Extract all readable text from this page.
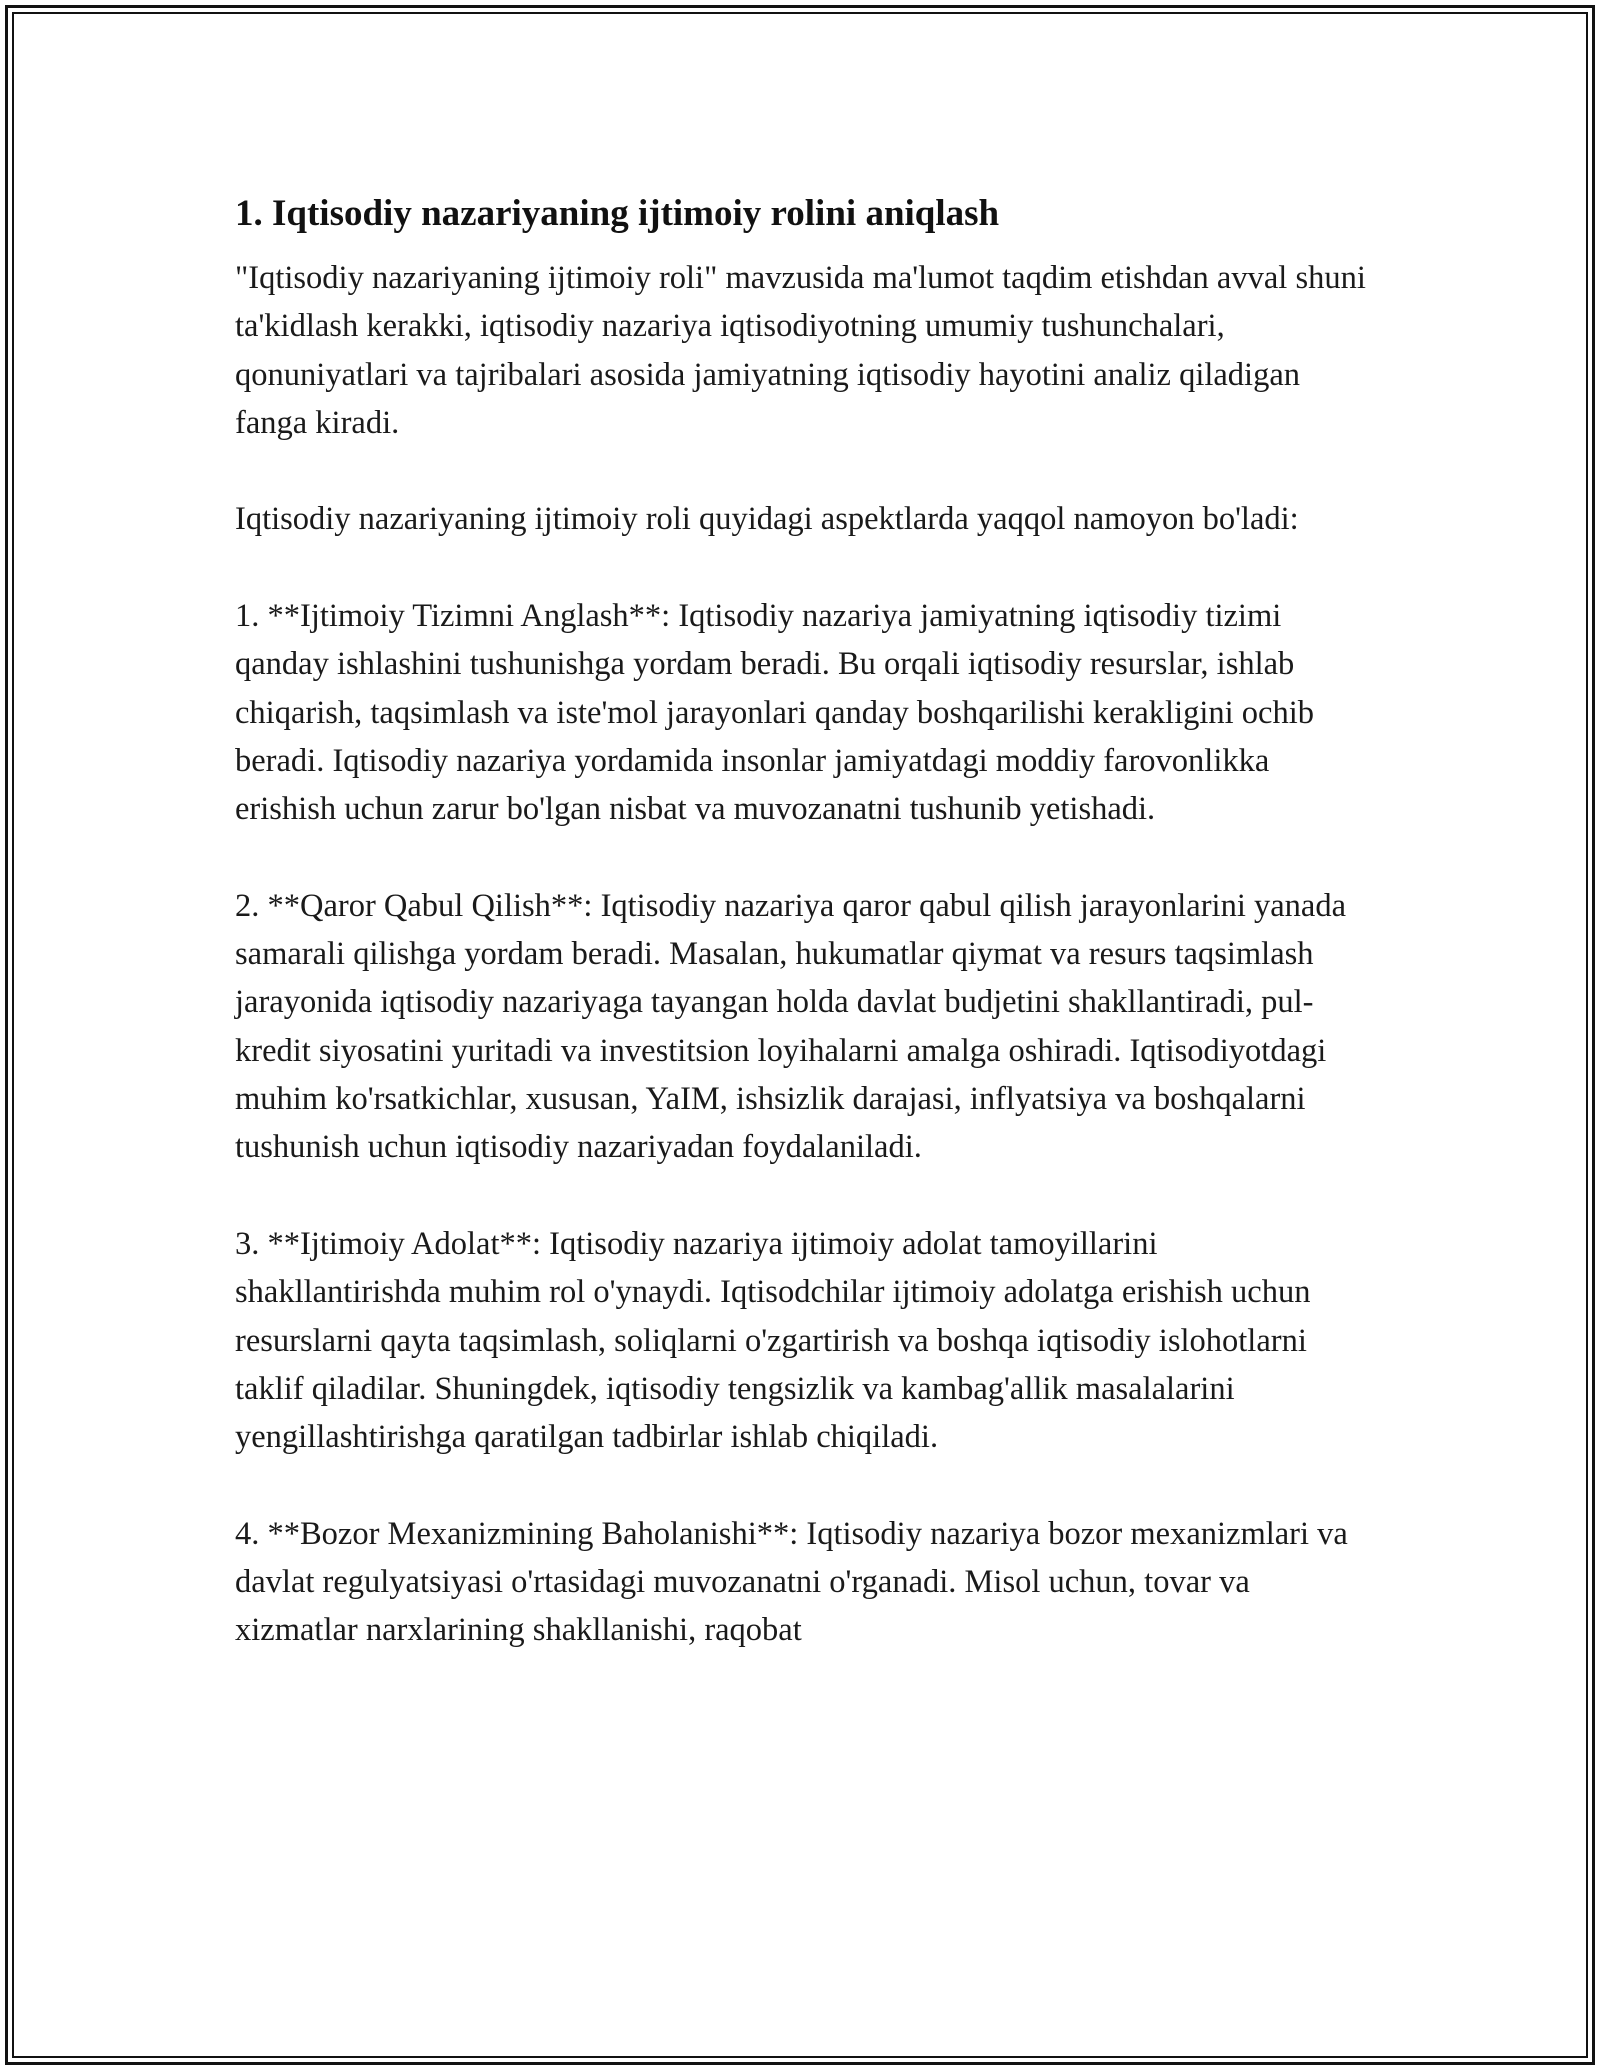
1. Iqtisodiy nazariyaning ijtimoiy rolini aniqlash

"Iqtisodiy nazariyaning ijtimoiy roli" mavzusida ma'lumot taqdim etishdan avval shuni ta'kidlash kerakki, iqtisodiy nazariya iqtisodiyotning umumiy tushunchalari, qonuniyatlari va tajribalari asosida jamiyatning iqtisodiy hayotini analiz qiladigan fanga kiradi.

Iqtisodiy nazariyaning ijtimoiy roli quyidagi aspektlarda yaqqol namoyon bo'ladi:

1. **Ijtimoiy Tizimni Anglash**: Iqtisodiy nazariya jamiyatning iqtisodiy tizimi qanday ishlashini tushunishga yordam beradi. Bu orqali iqtisodiy resurslar, ishlab chiqarish, taqsimlash va iste'mol jarayonlari qanday boshqarilishi kerakligini ochib beradi. Iqtisodiy nazariya yordamida insonlar jamiyatdagi moddiy farovonlikka erishish uchun zarur bo'lgan nisbat va muvozanatni tushunib yetishadi.

2. **Qaror Qabul Qilish**: Iqtisodiy nazariya qaror qabul qilish jarayonlarini yanada samarali qilishga yordam beradi. Masalan, hukumatlar qiymat va resurs taqsimlash jarayonida iqtisodiy nazariyaga tayangan holda davlat budjetini shakllantiradi, pul-kredit siyosatini yuritadi va investitsion loyihalarni amalga oshiradi. Iqtisodiyotdagi muhim ko'rsatkichlar, xususan, YaIM, ishsizlik darajasi, inflyatsiya va boshqalarni tushunish uchun iqtisodiy nazariyadan foydalaniladi.

3. **Ijtimoiy Adolat**: Iqtisodiy nazariya ijtimoiy adolat tamoyillarini shakllantirishda muhim rol o'ynaydi. Iqtisodchilar ijtimoiy adolatga erishish uchun resurslarni qayta taqsimlash, soliqlarni o'zgartirish va boshqa iqtisodiy islohotlarni taklif qiladilar. Shuningdek, iqtisodiy tengsizlik va kambag'allik masalalarini yengillashtirishga qaratilgan tadbirlar ishlab chiqiladi.

4. **Bozor Mexanizmining Baholanishi**: Iqtisodiy nazariya bozor mexanizmlari va davlat regulyatsiyasi o'rtasidagi muvozanatni o'rganadi. Misol uchun, tovar va xizmatlar narxlarining shakllanishi, raqobat
